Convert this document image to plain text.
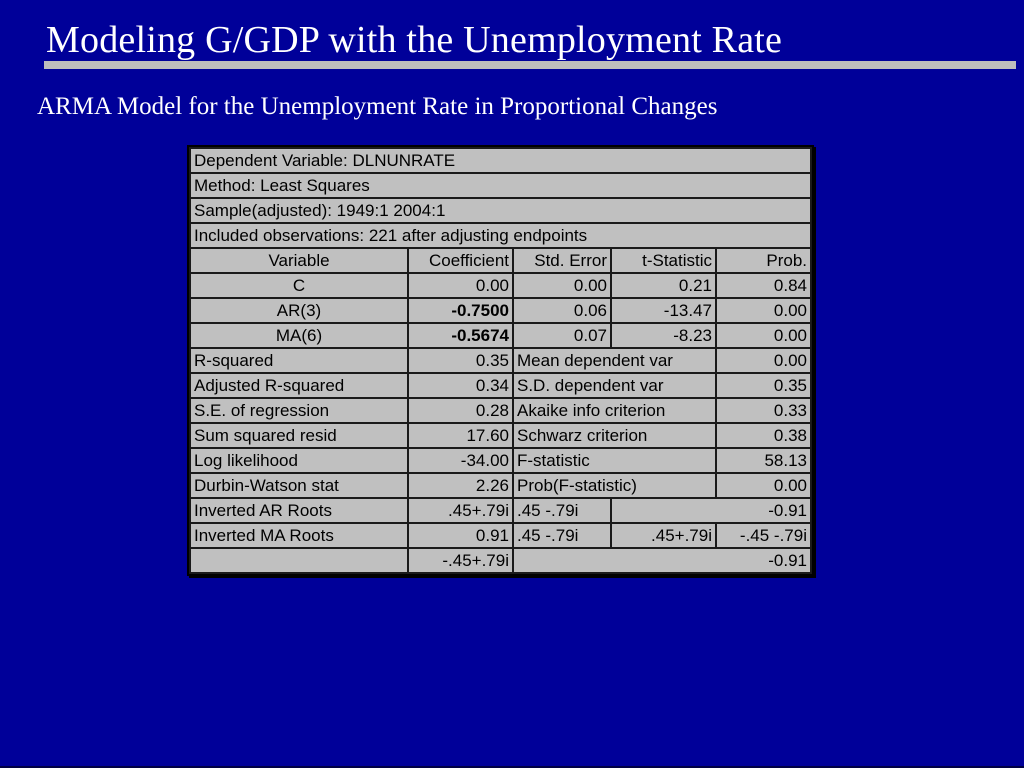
Modeling G/GDP with the Unemployment Rate
ARMA Model for the Unemployment Rate in Proportional Changes
Dependent Variable: DLNUNRATE				
Method: Least Squares				
Sample(adjusted): 1949:1 2004:1				
Included observations: 221 after adjusting endpoints				
Variable	Coefficient	Std. Error	t-Statistic	Prob.
C	0.00	0.00	0.21	0.84
AR(3)	-0.7500	0.06	-13.47	0.00
MA(6)	-0.5674	0.07	-8.23	0.00
R-squared	0.35	Mean dependent var		0.00
Adjusted R-squared	0.34	S.D. dependent var		0.35
S.E. of regression	0.28	Akaike info criterion		0.33
Sum squared resid	17.60	Schwarz criterion		0.38
Log likelihood	-34.00	F-statistic		58.13
Durbin-Watson stat	2.26	Prob(F-statistic)		0.00
Inverted AR Roots	.45+.79i	.45 -.79i	-0.91	
Inverted MA Roots	0.91	.45 -.79i	.45+.79i	-.45 -.79i
	-.45+.79i	-0.91		
